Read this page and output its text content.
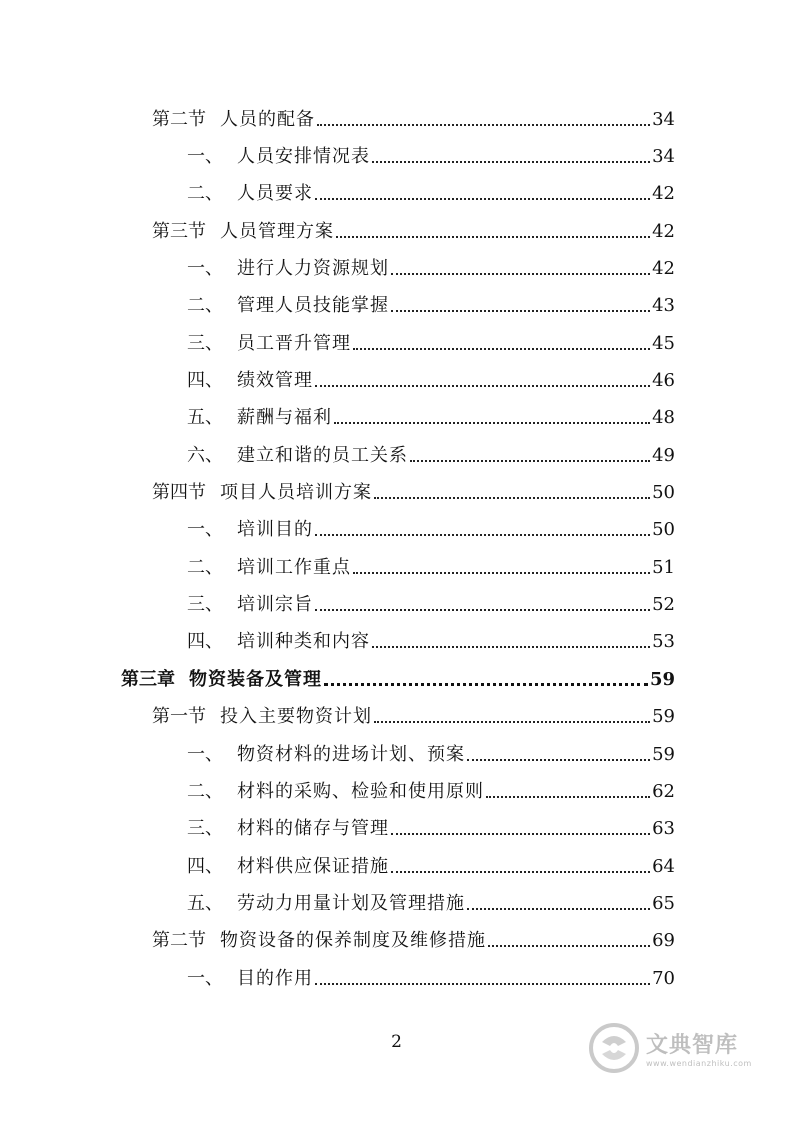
第二节 人员的配备	34
一、 人员安排情况表	34
二、 人员要求	42
第三节 人员管理方案	42
一、 进行人力资源规划	42
二、 管理人员技能掌握	43
三、 员工晋升管理	45
四、 绩效管理	46
五、 薪酬与福利	48
六、 建立和谐的员工关系	49
第四节 项目人员培训方案	50
一、 培训目的	50
二、 培训工作重点	51
三、 培训宗旨	52
四、 培训种类和内容	53
第三章 物资装备及管理	59
第一节 投入主要物资计划	59
一、 物资材料的进场计划、预案	59
二、 材料的采购、检验和使用原则	62
三、 材料的储存与管理	63
四、 材料供应保证措施	64
五、 劳动力用量计划及管理措施	65
第二节 物资设备的保养制度及维修措施	69
一、 目的作用	70
2	文典智库
www.wendianzhiku.com
